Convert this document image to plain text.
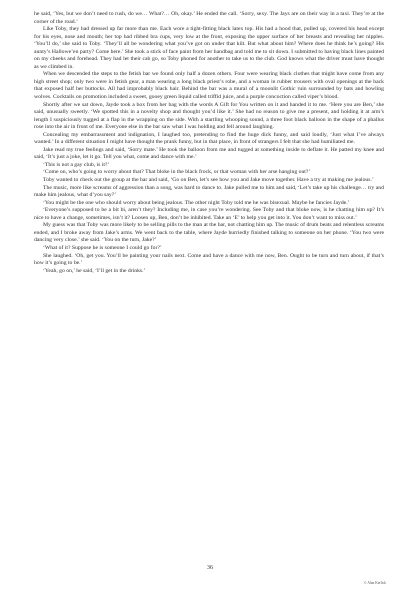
he said, ‘Yes, but we don’t need to rush, do we… What?… Oh, okay.’ He ended the call. ‘Sorry, sexy. The Jays are on their way in a taxi. They’re at the corner of the road.’

Like Toby, they had dressed up far more than me. Each wore a tight-fitting black latex top. His had a hood that, pulled up, covered his head except for his eyes, nose and mouth; her top had ribbed bra cups, very low at the front, exposing the upper surface of her breasts and revealing her nipples. ‘You’ll do,’ she said to Toby. ‘They’ll all be wondering what you’ve got on under that kilt. But what about him? Where does he think he’s going? His aunty’s Hallowe’en party? Come here.’ She took a stick of face paint from her handbag and told me to sit down. I submitted to having black lines painted on my cheeks and forehead. They had let their cab go, so Toby phoned for another to take us to the club. God knows what the driver must have thought as we climbed in.

When we descended the steps to the fetish bar we found only half a dozen others. Four were wearing black clothes that might have come from any high street shop; only two were in fetish gear, a man wearing a long black priest’s robe, and a woman in rubber trousers with oval openings at the back that exposed half her buttocks. All had improbably black hair. Behind the bar was a mural of a moonlit Gothic ruin surrounded by bats and howling wolves. Cocktails on promotion included a sweet, gooey green liquid called triffid juice, and a purple concoction called viper’s blood.

Shortly after we sat down, Jayde took a box from her bag with the words A Gift for You written on it and handed it to me. ‘Here you are Ben,’ she said, unusually sweetly. ‘We spotted this in a novelty shop and thought you’d like it.’ She had no reason to give me a present, and holding it at arm’s length I suspiciously tugged at a flap in the wrapping on the side. With a startling whooping sound, a three foot black balloon in the shape of a phallus rose into the air in front of me. Everyone else in the bar saw what I was holding and fell around laughing.

Concealing my embarrassment and indignation, I laughed too, pretending to find the huge dick funny, and said loudly, ‘Just what I’ve always wanted.’ In a different situation I might have thought the prank funny, but in that place, in front of strangers I felt that she had humiliated me.

Jake read my true feelings and said, ‘Sorry mate.’ He took the balloon from me and tugged at something inside to deflate it. He patted my knee and said, ‘It’s just a joke, let it go. Tell you what, come and dance with me.’

‘This is not a gay club, is it?’

‘Come on, who’s going to worry about that? That bloke in the black frock, or that woman with her arse hanging out?’

Toby wanted to check out the group at the bar and said, ‘Go on Ben, let’s see how you and Jake move together. Have a try at making me jealous.’

The music, more like screams of aggression than a song, was hard to dance to. Jake pulled me to him and said, ‘Let’s take up his challenge… try and make him jealous, what d’you say?’

‘You might be the one who should worry about being jealous. The other night Toby told me he was bisexual. Maybe he fancies Jayde.’

‘Everyone’s supposed to be a bit bi, aren’t they? Including me, in case you’re wondering. See Toby and that bloke now, is he chatting him up? It’s nice to have a change, sometimes, isn’t it? Loosen up, Ben, don’t be inhibited. Take an ‘E’ to help you get into it. You don’t want to miss out.’

My guess was that Toby was more likely to be selling pills to the man at the bar, not chatting him up. The music of drum beats and relentless screams ended, and I broke away from Jake’s arms. We went back to the table, where Jayde hurriedly finished talking to someone on her phone. ‘You two were dancing very close.’ she said. ‘You on the turn, Jake?’

‘What of it? Suppose he is someone I could go for?’

She laughed. ‘Oh, get you. You’ll be painting your nails next. Come and have a dance with me now, Ben. Ought to be turn and turn about, if that’s how it’s going to be.’

‘Yeah, go on,’ he said, ‘I’ll get in the drinks.’

36
© Alan Kerlick
